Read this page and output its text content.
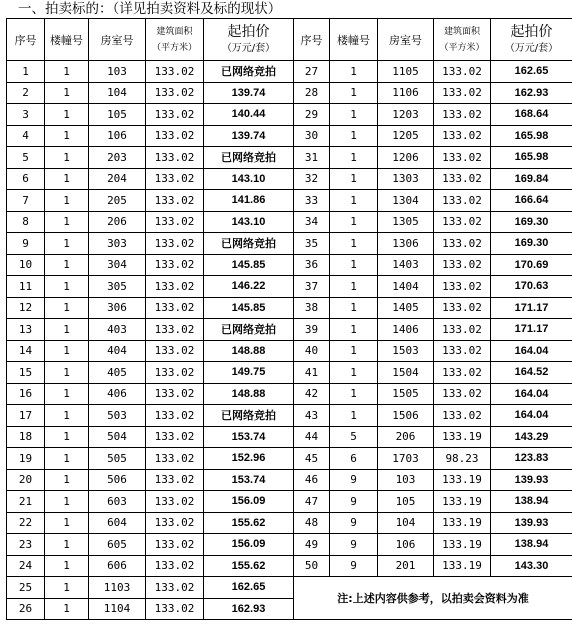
一、拍卖标的：（详见拍卖资料及标的现状）
序号	楼幢号	房室号	建筑面积
（平方米）	起拍价
（万元/套）	序号	楼幢号	房室号	建筑面积
（平方米）	起拍价
（万元/套）

1	1	103	133.02	已网络竞拍	27	1	1105	133.02	162.65
2	1	104	133.02	139.74	28	1	1106	133.02	162.93
3	1	105	133.02	140.44	29	1	1203	133.02	168.64
4	1	106	133.02	139.74	30	1	1205	133.02	165.98
5	1	203	133.02	已网络竞拍	31	1	1206	133.02	165.98
6	1	204	133.02	143.10	32	1	1303	133.02	169.84
7	1	205	133.02	141.86	33	1	1304	133.02	166.64
8	1	206	133.02	143.10	34	1	1305	133.02	169.30
9	1	303	133.02	已网络竞拍	35	1	1306	133.02	169.30
10	1	304	133.02	145.85	36	1	1403	133.02	170.69
11	1	305	133.02	146.22	37	1	1404	133.02	170.63
12	1	306	133.02	145.85	38	1	1405	133.02	171.17
13	1	403	133.02	已网络竞拍	39	1	1406	133.02	171.17
14	1	404	133.02	148.88	40	1	1503	133.02	164.04
15	1	405	133.02	149.75	41	1	1504	133.02	164.52
16	1	406	133.02	148.88	42	1	1505	133.02	164.04
17	1	503	133.02	已网络竞拍	43	1	1506	133.02	164.04
18	1	504	133.02	153.74	44	5	206	133.19	143.29
19	1	505	133.02	152.96	45	6	1703	98.23	123.83
20	1	506	133.02	153.74	46	9	103	133.19	139.93
21	1	603	133.02	156.09	47	9	105	133.19	138.94
22	1	604	133.02	155.62	48	9	104	133.19	139.93
23	1	605	133.02	156.09	49	9	106	133.19	138.94
24	1	606	133.02	155.62	50	9	201	133.19	143.30
25	1	1103	133.02	162.65	注:上述内容供参考，以拍卖会资料为准				
26	1	1104	133.02	162.93					
